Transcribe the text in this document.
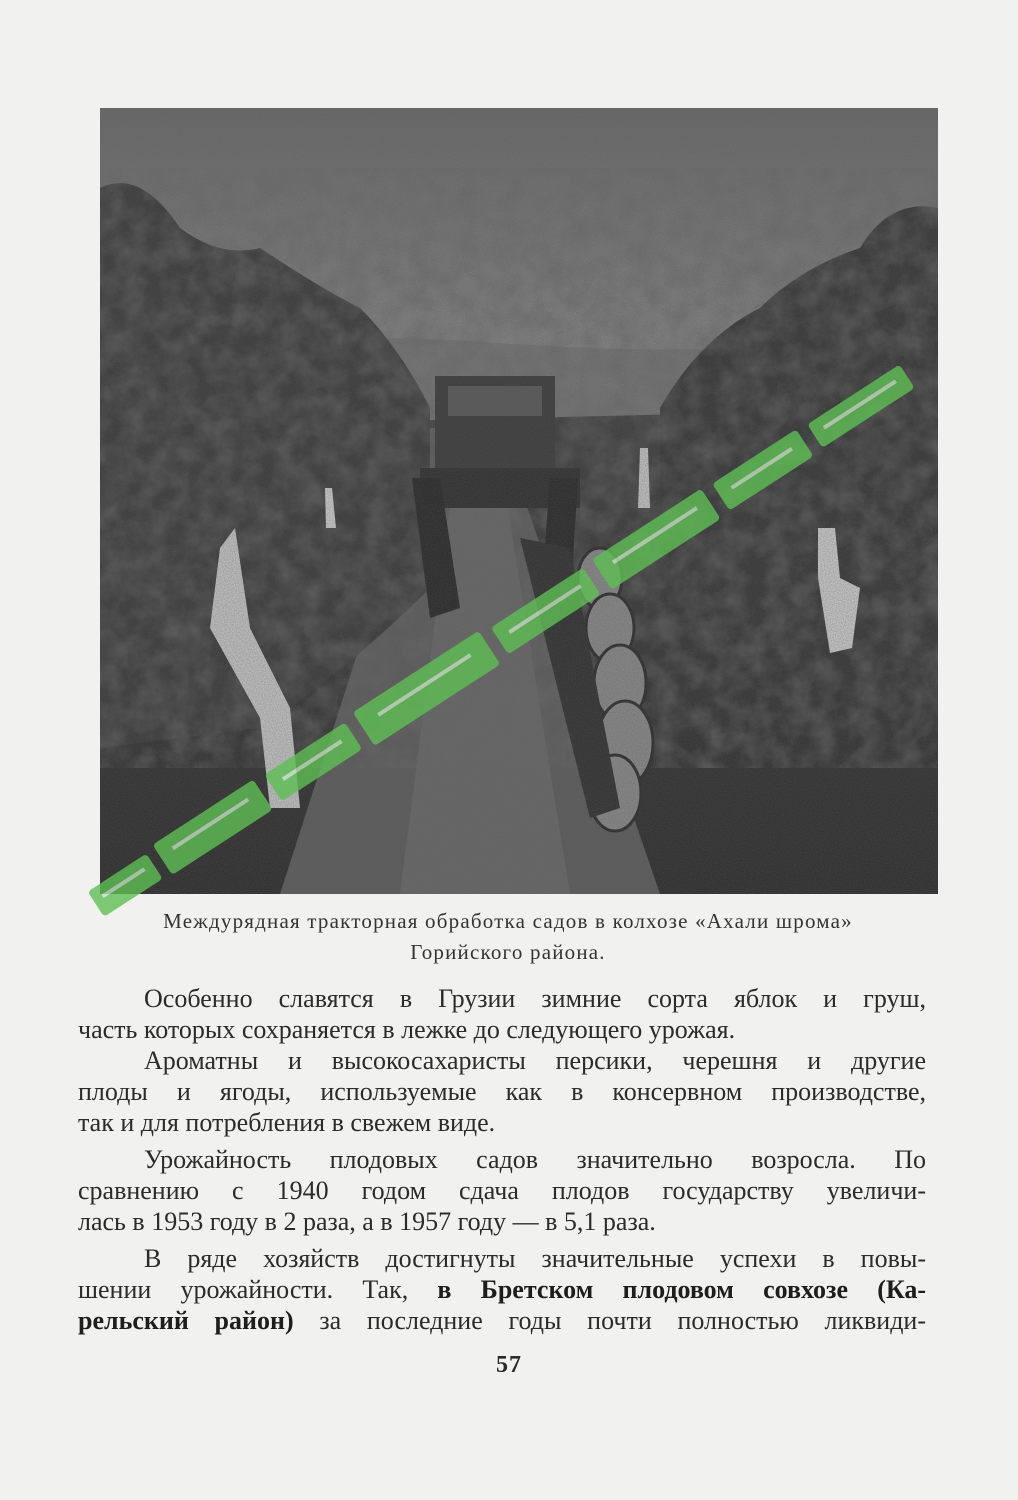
Междурядная тракторная обработка садов в колхозе «Ахали шрома»
Горийского района.
Особенно славятся в Грузии зимние сорта яблок и груш,
часть которых сохраняется в лежке до следующего урожая.
Ароматны и высокосахаристы персики, черешня и другие
плоды и ягоды, используемые как в консервном производстве,
так и для потребления в свежем виде.
Урожайность плодовых садов значительно возросла. По
сравнению с 1940 годом сдача плодов государству увеличи-
лась в 1953 году в 2 раза, а в 1957 году — в 5,1 раза.
В ряде хозяйств достигнуты значительные успехи в повы-
шении урожайности. Так, в Бретском плодовом совхозе (Ка-
рельский район) за последние годы почти полностью ликвиди-
57
